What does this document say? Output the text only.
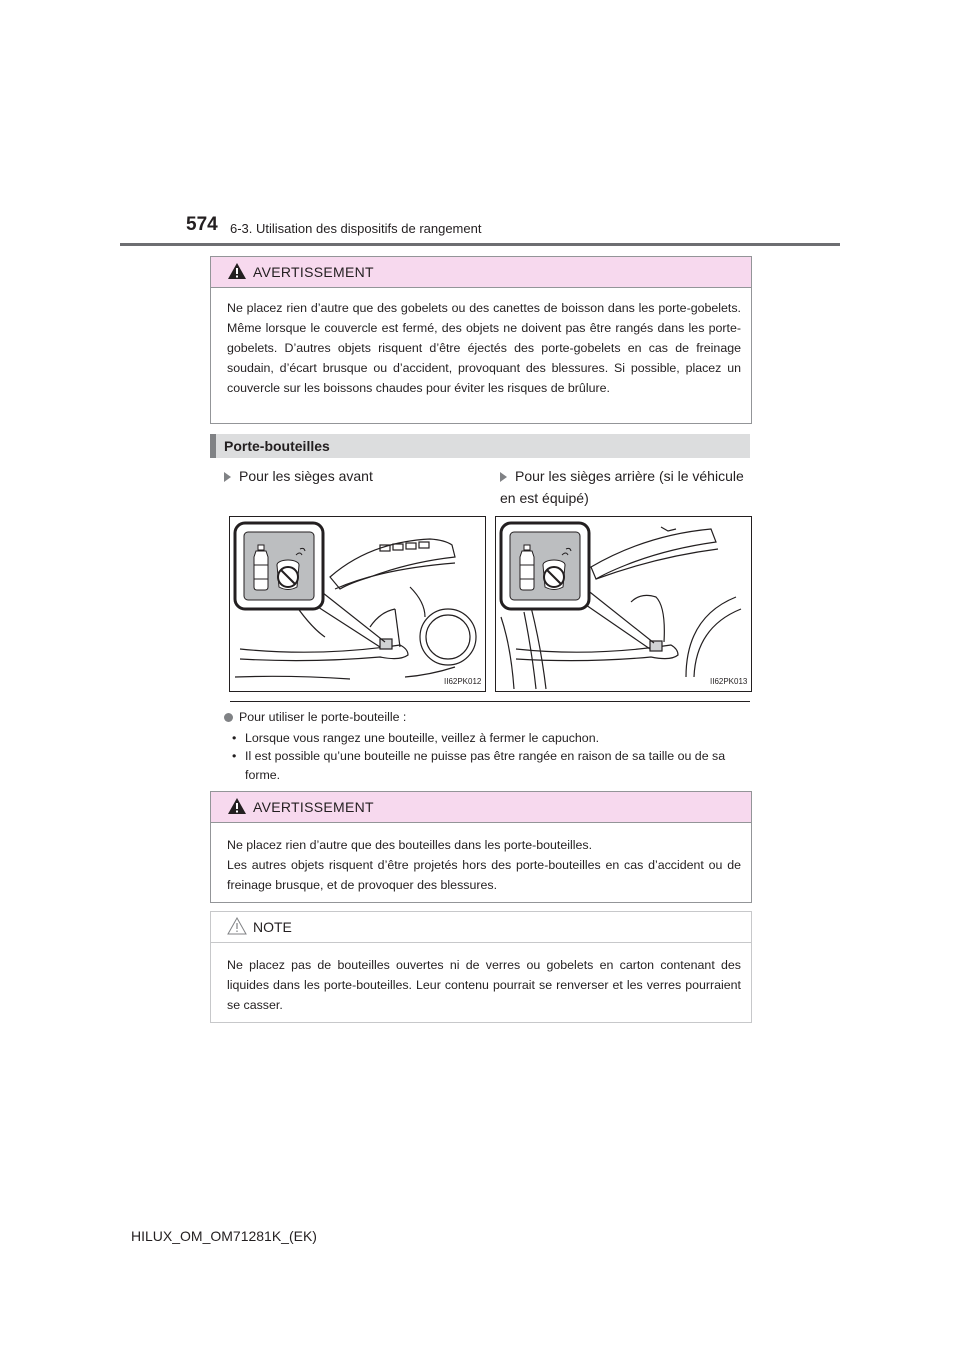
574 6-3. Utilisation des dispositifs de rangement
AVERTISSEMENT
Ne placez rien d’autre que des gobelets ou des canettes de boisson dans les porte-gobelets. Même lorsque le couvercle est fermé, des objets ne doivent pas être rangés dans les porte-gobelets. D’autres objets risquent d’être éjectés des porte-gobelets en cas de freinage soudain, d’écart brusque ou d’accident, provoquant des blessures. Si possible, placez un couvercle sur les boissons chaudes pour éviter les risques de brûlure.
Porte-bouteilles
Pour les sièges avant	Pour les sièges arrière (si le véhicule en est équipé)
II62PK012	II62PK013
Pour utiliser le porte-bouteille :
• Lorsque vous rangez une bouteille, veillez à fermer le capuchon.
• Il est possible qu’une bouteille ne puisse pas être rangée en raison de sa taille ou de sa forme.
AVERTISSEMENT
Ne placez rien d’autre que des bouteilles dans les porte-bouteilles.
Les autres objets risquent d’être projetés hors des porte-bouteilles en cas d’accident ou de freinage brusque, et de provoquer des blessures.
NOTE
Ne placez pas de bouteilles ouvertes ni de verres ou gobelets en carton contenant des liquides dans les porte-bouteilles. Leur contenu pourrait se renverser et les verres pourraient se casser.
HILUX_OM_OM71281K_(EK)
